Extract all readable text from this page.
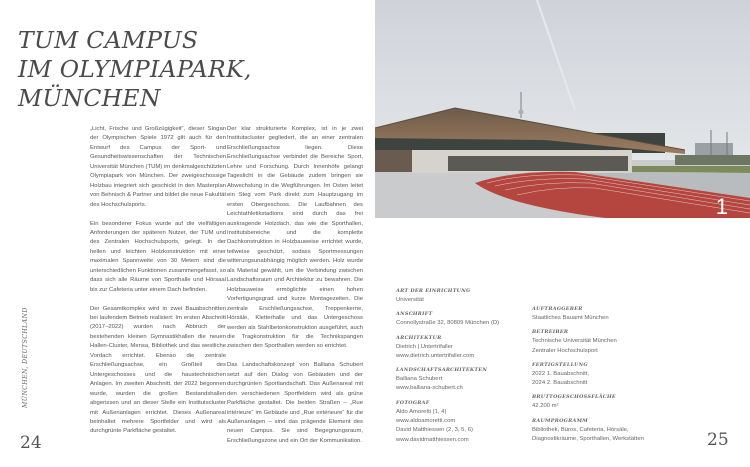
TUM CAMPUS
IM OLYMPIAPARK,
MÜNCHEN

„Licht, Frische und Großzügigkeit“, dieser Slogan der Olympischen Spiele 1972 gilt auch für den Entwurf des Campus der Sport- und Gesundheitswissenschaften der Technischen Universität München (TUM) im denkmalgeschützten Olympiapark von München. Der zweigeschossige Holzbau integriert sich geschickt in den Masterplan von Behnisch & Partner und bildet die neue Fakultät des Hochschulsports.

Ein besonderer Fokus wurde auf die vielfältigen Anforderungen der späteren Nutzer, der TUM und des Zentralen Hochschulsports, gelegt. In der hellen und leichten Holzkonstruktion mit einer maximalen Spannweite von 30 Metern sind die unterschiedlichen Funktionen zusammengefasst, so dass sich alle Räume von Sporthalle und Hörsaal bis zur Cafeteria unter einem Dach befinden.

Der Gesamtkomplex wird in zwei Bauabschnitten bei laufendem Betrieb realisiert: Im ersten Abschnitt (2017–2022) wurden nach Abbruch der bestehenden kleinen Gymnastikhallen die neuen Hallen-Cluster, Mensa, Bibliothek und das westliche Vordach errichtet. Ebenso die zentrale Erschließungsachse, ein Großteil des Untergeschosses und die haustechnischen Anlagen. Im zweiten Abschnitt, der 2022 begonnen wurde, wurden die großen Bestandshallen abgerissen und an dieser Stelle ein Institutscluster mit Außenanlagen errichtet. Dieses Außenareal beinhaltet mehrere Sportfelder und wird als durchgrünte Parkfläche gestaltet.

Der klar strukturierte Komplex, ist in je zwei Institutscluster gegliedert, die an einer zentralen Erschließungsachse liegen. Diese Erschließungsachse verbindet die Bereiche Sport, Lehre und Forschung. Durch Innenhöfe gelangt Tageslicht in die Gebäude zudem bringen sie Abwechslung in die Wegführungen. Im Osten leitet ein Steg vom Park direkt zum Hauptzugang im ersten Obergeschoss. Die Laufbahnen des Leichtathletikstadions sind durch das frei auskragende Holzdach, das wie die Sporthallen, Institutsbereiche und die komplette Dachkonstruktion in Holzbauweise errichtet wurde, teilweise geschützt, sodass Sportmessungen witterungsunabhängig möglich werden. Holz wurde als Material gewählt, um die Verbindung zwischen Landschaftsraum und Architektur zu bewahren. Die Holzbauweise ermöglichte einen hohen Vorfertigungsgrad und kurze Montagezeiten. Die zentrale Erschließungsachse, Treppenkerne, Hörsäle, Kletterhalle und das Untergeschoss werden als Stahlbetonkonstruktion ausgeführt, auch die Tragkonstruktion für die Technikspangen zwischen den Sporthallen werden so errichtet.

Das Landschaftskonzept von Balliana Schubert setzt auf den Dialog von Gebäuden und der durchgrünten Sportlandschaft. Das Außenareal mit den verschiedenen Sportfeldern wird als grüne Parkfläche gestaltet. Die beiden Straßen – „Rue intérieure“ im Gebäude und „Rue extérieure“ für die Außenanlagen – sind das prägende Element des neuen Campus. Sie sind Begegnungsraum, Erschließungszone und ein Ort der Kommunikation.

MÜNCHEN, DEUTSCHLAND
24
1
ART DER EINRICHTUNG
Universität
ANSCHRIFT
Connollystraße 32, 80809 München (D)
ARCHITEKTUR
Dietrich | Untertrifaller
www.dietrich.untertrifaller.com
LANDSCHAFTSARCHITEKTEN
Balliana Schubert
www.balliana-schubert.ch
FOTOGRAF
Aldo Amoretti (1, 4)
www.aldoamoretti.com
David Matthiessen (2, 3, 5, 6)
www.davidmatthiessen.com
AUFTRAGGEBER
Staatliches Bauamt München
BETREIBER
Technische Universität München
Zentraler Hochschulsport
FERTIGSTELLUNG
2022 1. Bauabschnitt,
2024 2. Bauabschnitt
BRUTTOGESCHOSSFLÄCHE
42.200 m²
RAUMPROGRAMM
Bibliothek, Büros, Cafeteria, Hörsäle,
Diagnostikräume, Sporthallen, Werkstätten	25
